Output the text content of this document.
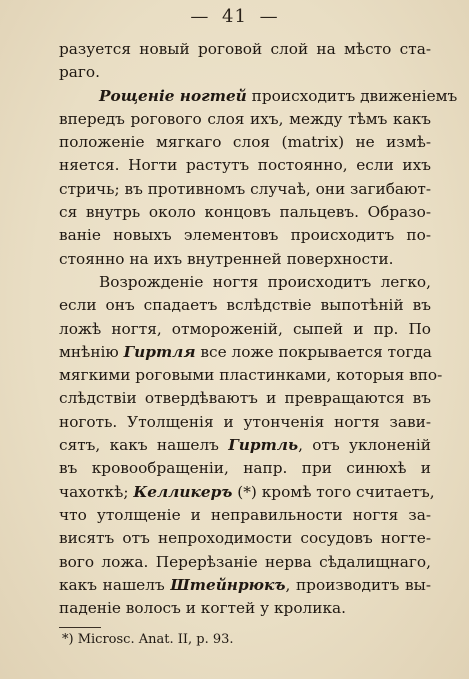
— 41 —
разуется новый роговой слой на мѣсто ста-
раго.
Рощеніе ногтей происходитъ движеніемъ
впередъ рогового слоя ихъ, между тѣмъ какъ
положеніе мягкаго слоя (matrix) не измѣ-
няется. Ногти растутъ постоянно, если ихъ
стричь; въ противномъ случаѣ, они загибают-
ся внутрь около концовъ пальцевъ. Образо-
ваніе новыхъ элементовъ происходитъ по-
стоянно на ихъ внутренней поверхности.
Возрожденіе ногтя происходитъ легко,
если онъ спадаетъ вслѣдствіе выпотѣній въ
ложѣ ногтя, отмороженій, сыпей и пр. По
мнѣнію Гиртля все ложе покрывается тогда
мягкими роговыми пластинками, которыя впо-
слѣдствіи отвердѣваютъ и превращаются въ
ноготь. Утолщенія и утонченія ногтя зави-
сятъ, какъ нашелъ Гиртль, отъ уклоненій
въ кровообращеніи, напр. при синюхѣ и
чахоткѣ; Келликеръ (*) кромѣ того считаетъ,
что утолщеніе и неправильности ногтя за-
висятъ отъ непроходимости сосудовъ ногте-
вого ложа. Перерѣзаніе нерва сѣдалищнаго,
какъ нашелъ Штейнрюкъ, производитъ вы-
паденіе волосъ и когтей у кролика.
*) Microsc. Anat. II, p. 93.
